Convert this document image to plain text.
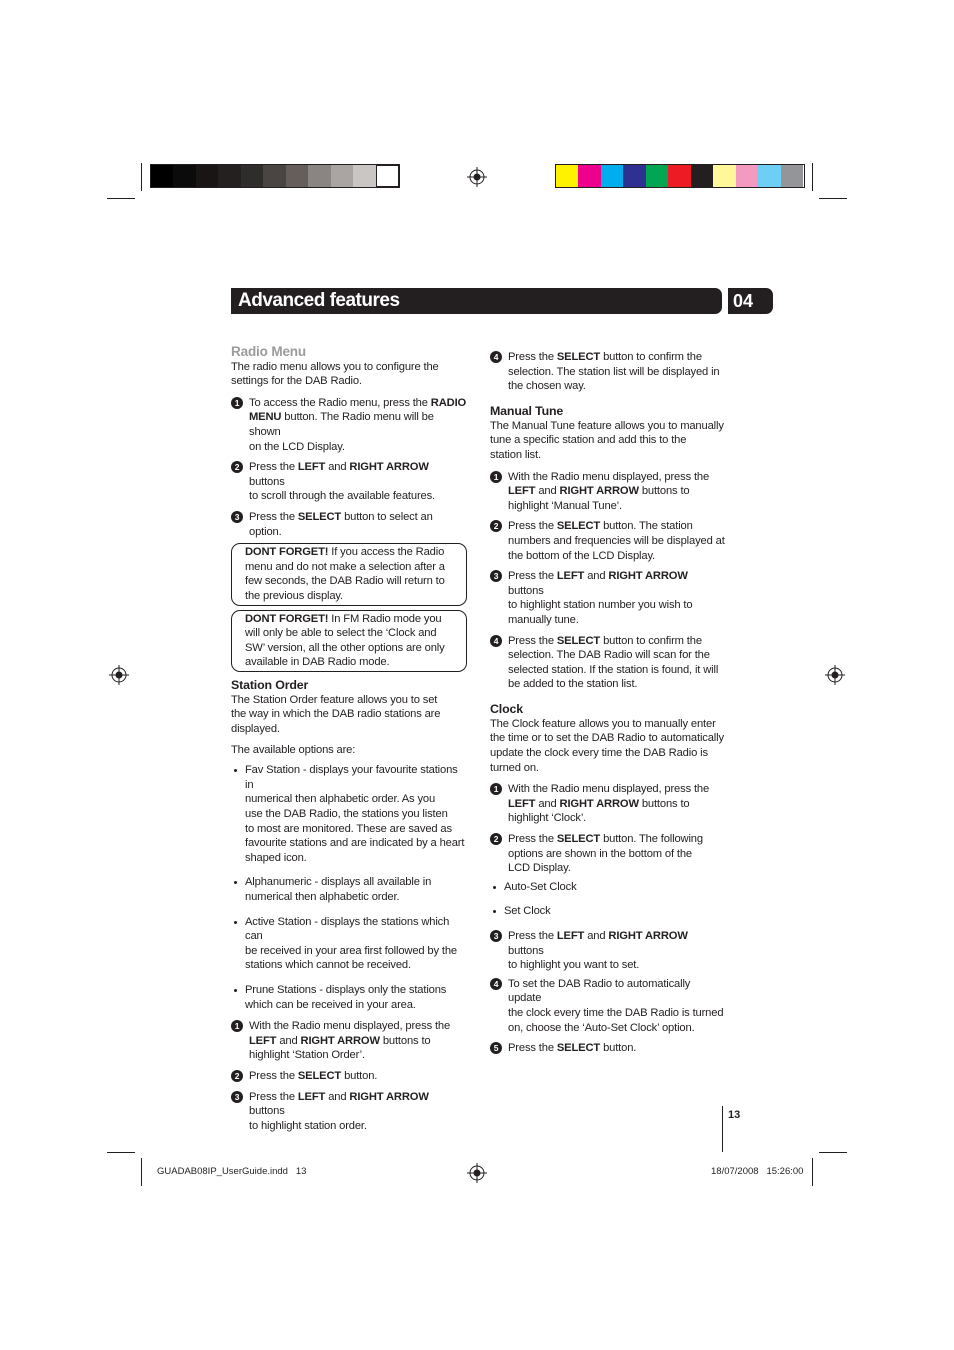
Advanced features	04

Radio Menu

The radio menu allows you to configure the
settings for the DAB Radio.

1 To access the Radio menu, press the RADIO
MENU button. The Radio menu will be shown
on the LCD Display.
2 Press the LEFT and RIGHT ARROW buttons
to scroll through the available features.
3 Press the SELECT button to select an option.
DONT FORGET! If you access the Radio
menu and do not make a selection after a
few seconds, the DAB Radio will return to
the previous display.
DONT FORGET! In FM Radio mode you
will only be able to select the ‘Clock and
SW’ version, all the other options are only
available in DAB Radio mode.

Station Order

The Station Order feature allows you to set
the way in which the DAB radio stations are
displayed.

The available options are:

Fav Station - displays your favourite stations in
numerical then alphabetic order. As you
use the DAB Radio, the stations you listen
to most are monitored. These are saved as
favourite stations and are indicated by a heart
shaped icon.
Alphanumeric - displays all available in
numerical then alphabetic order.
Active Station - displays the stations which can
be received in your area first followed by the
stations which cannot be received.
Prune Stations - displays only the stations
which can be received in your area.
1 With the Radio menu displayed, press the
LEFT and RIGHT ARROW buttons to
highlight ‘Station Order’.
2 Press the SELECT button.
3 Press the LEFT and RIGHT ARROW buttons
to highlight station order.
4 Press the SELECT button to confirm the
selection. The station list will be displayed in
the chosen way.

Manual Tune

The Manual Tune feature allows you to manually
tune a specific station and add this to the
station list.

1 With the Radio menu displayed, press the
LEFT and RIGHT ARROW buttons to
highlight ‘Manual Tune’.
2 Press the SELECT button. The station
numbers and frequencies will be displayed at
the bottom of the LCD Display.
3 Press the LEFT and RIGHT ARROW buttons
to highlight station number you wish to
manually tune.
4 Press the SELECT button to confirm the
selection. The DAB Radio will scan for the
selected station. If the station is found, it will
be added to the station list.

Clock

The Clock feature allows you to manually enter
the time or to set the DAB Radio to automatically
update the clock every time the DAB Radio is
turned on.

1 With the Radio menu displayed, press the
LEFT and RIGHT ARROW buttons to
highlight ‘Clock’.
2 Press the SELECT button. The following
options are shown in the bottom of the
LCD Display.
Auto-Set Clock
Set Clock
3 Press the LEFT and RIGHT ARROW buttons
to highlight you want to set.
4 To set the DAB Radio to automatically update
the clock every time the DAB Radio is turned
on, choose the ‘Auto-Set Clock’ option.
5 Press the SELECT button.
13
GUADAB08IP_UserGuide.indd   13	18/07/2008   15:26:00
